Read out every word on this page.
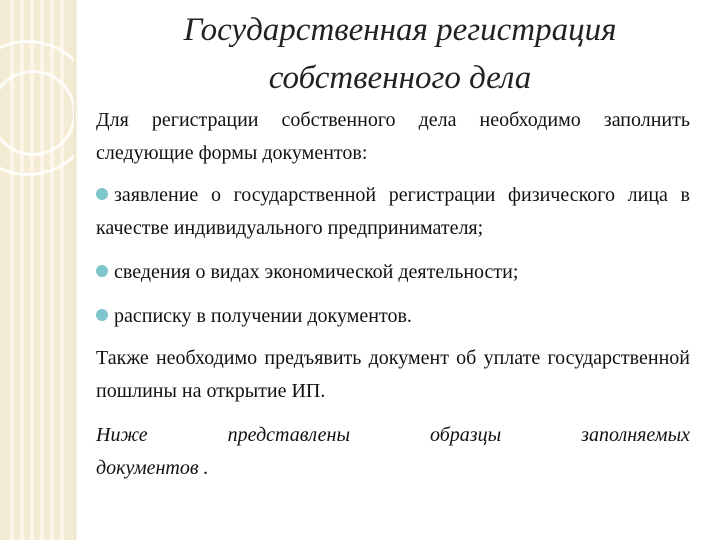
Государственная регистрация
собственного дела

Для регистрации собственного дела необходимо заполнить следующие формы документов:

заявление о государственной регистрации физического лица в качестве индивидуального предпринимателя;

сведения о видах экономической деятельности;

расписку в получении документов.

Также необходимо предъявить документ об уплате государственной пошлины на открытие ИП.

Ниже представлены образцы заполняемых

документов .
